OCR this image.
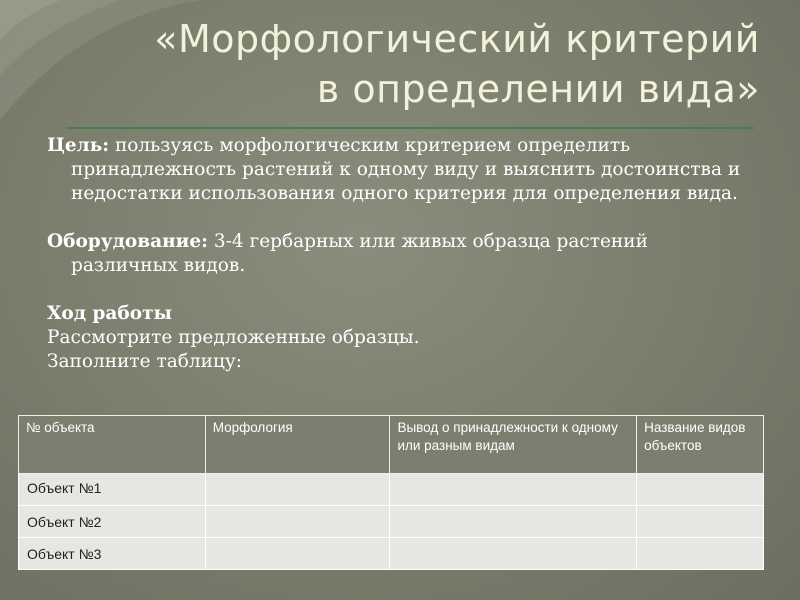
«Морфологический критерий
в определении вида»

Цель: пользуясь морфологическим критерием определить принадлежность растений к одному виду и выяснить достоинства и недостатки использования одного критерия для определения вида.

Оборудование: 3-4 гербарных или живых образца растений различных видов.

Ход работы

Рассмотрите предложенные образцы.

Заполните таблицу:

№ объекта	Морфология	Вывод о принадлежности к одному или разным видам	Название видов объектов
Объект №1			
Объект №2			
Объект №3			
